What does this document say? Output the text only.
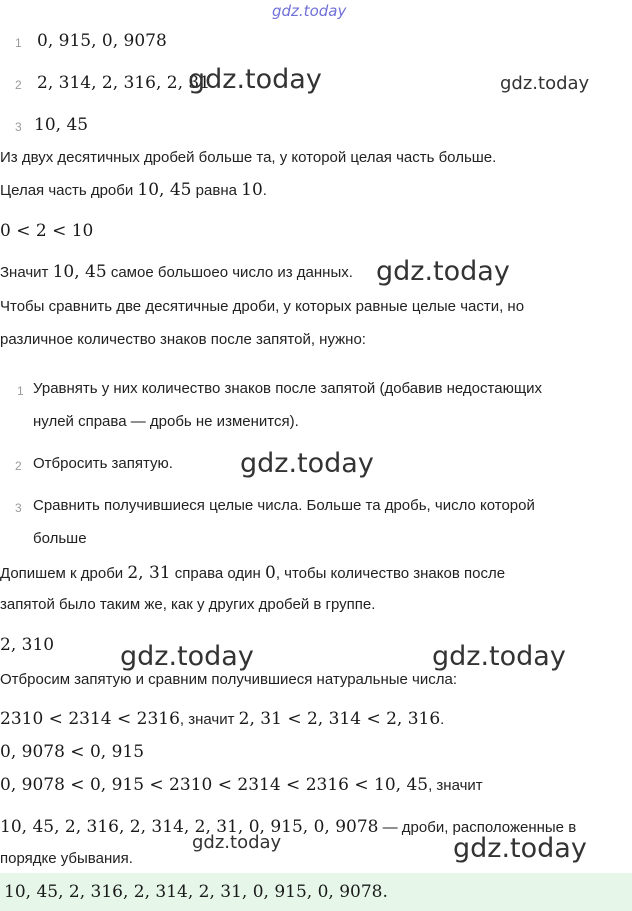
gdz.today
1 0, 915, 0, 9078
2 2, 314, 2, 316, 2, 31
gdz.today	gdz.today
3 10, 45
Из двух десятичных дробей больше та, у которой целая часть больше.
Целая часть дроби 10, 45 равна 10.
0 < 2 < 10
Значит 10, 45 самое большоеo число из данных. gdz.today
Чтобы сравнить две десятичные дроби, у которых равные целые части, но
различное количество знаков после запятой, нужно:
1 Уравнять у них количество знаков после запятой (добавив недостающих
нулей справа — дробь не изменится).
2 Отбросить запятую. gdz.today
3 Сравнить получившиеся целые числа. Больше та дробь, число которой
больше
Допишем к дроби 2, 31 справа один 0, чтобы количество знаков после
запятой было таким же, как у других дробей в группе.
2, 310 gdz.today	gdz.today
Отбросим запятую и сравним получившиеся натуральные числа:
2310 < 2314 < 2316, значит 2, 31 < 2, 314 < 2, 316.
0, 9078 < 0, 915
0, 9078 < 0, 915 < 2310 < 2314 < 2316 < 10, 45, значит
10, 45, 2, 316, 2, 314, 2, 31, 0, 915, 0, 9078 — дроби, расположенные в
порядке убывания.
gdz.today	gdz.today
10, 45, 2, 316, 2, 314, 2, 31, 0, 915, 0, 9078.
